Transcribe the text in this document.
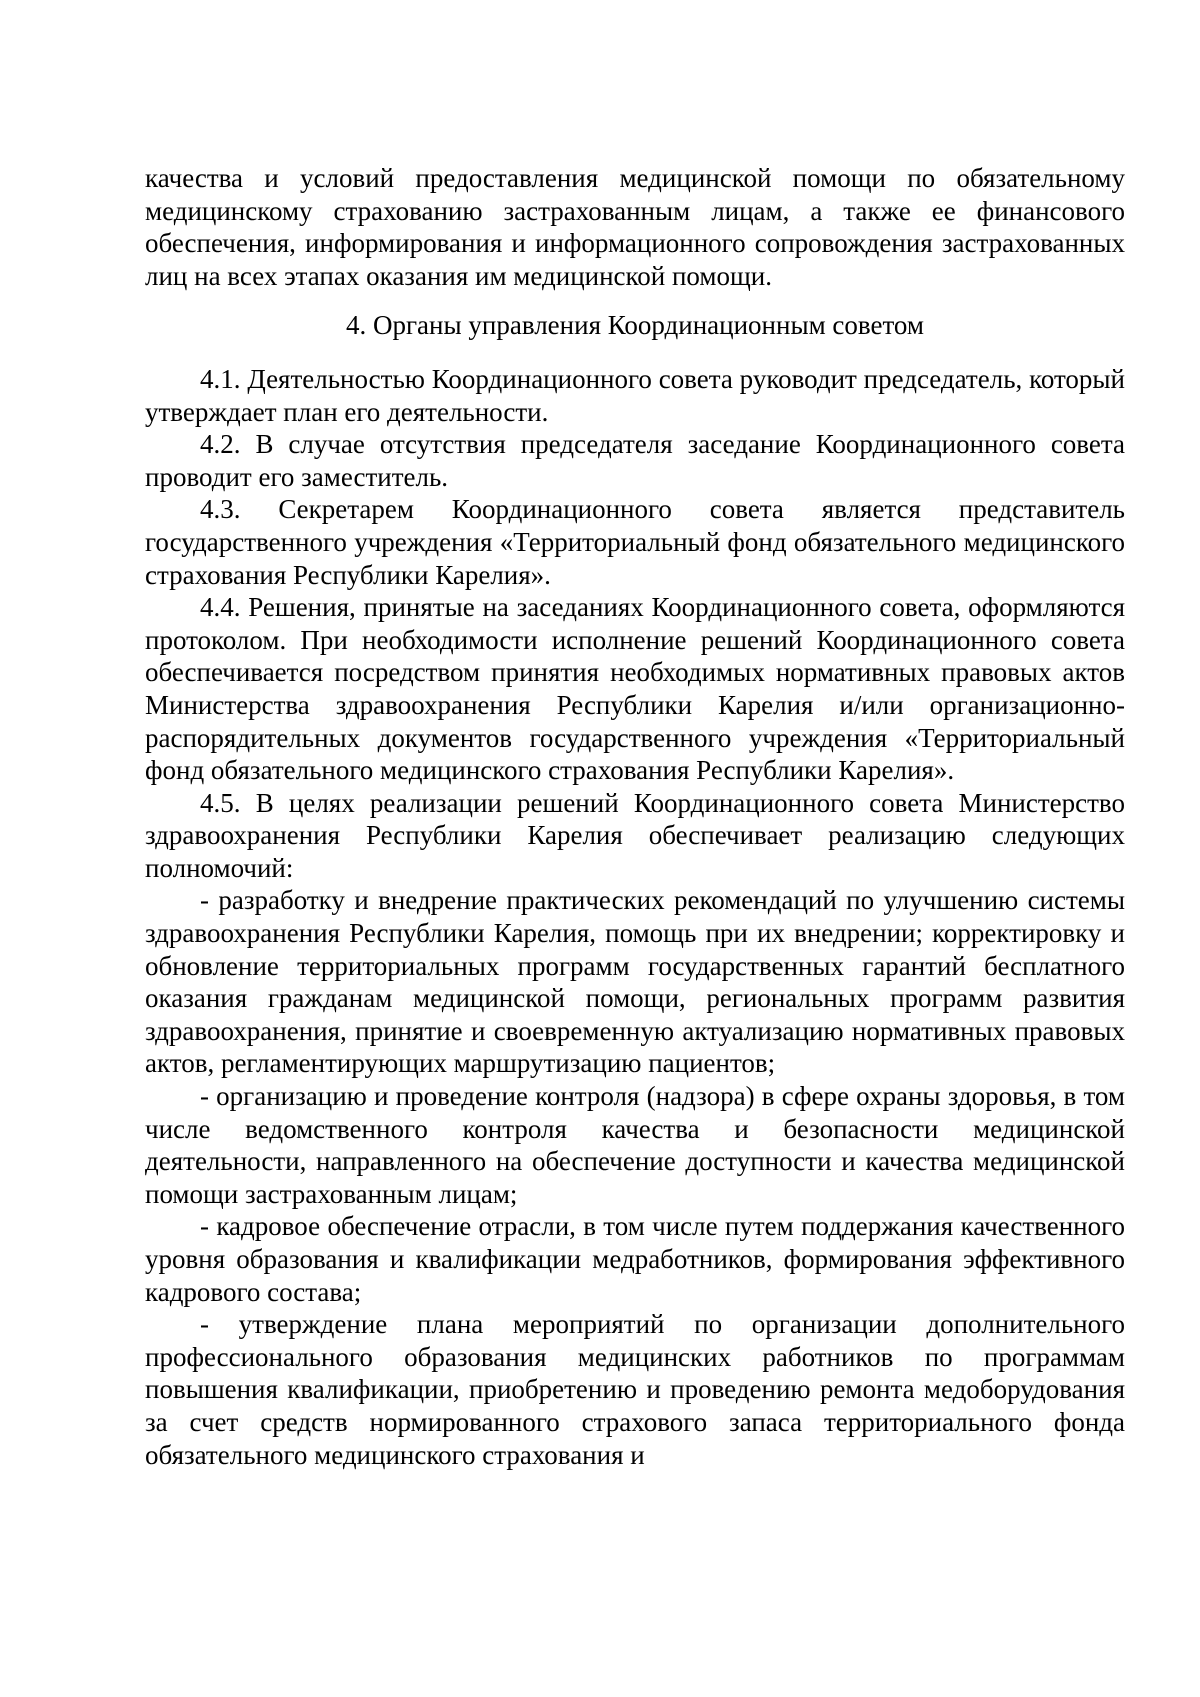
качества и условий предоставления медицинской помощи по обязательному медицинскому страхованию застрахованным лицам, а также ее финансового обеспечения, информирования и информационного сопровождения застрахованных лиц на всех этапах оказания им медицинской помощи.

4. Органы управления Координационным советом

4.1. Деятельностью Координационного совета руководит председатель, который утверждает план его деятельности.

4.2. В случае отсутствия председателя заседание Координационного совета проводит его заместитель.

4.3. Секретарем Координационного совета является представитель государственного учреждения «Территориальный фонд обязательного медицинского страхования Республики Карелия».

4.4. Решения, принятые на заседаниях Координационного совета, оформляются протоколом. При необходимости исполнение решений Координационного совета обеспечивается посредством принятия необходимых нормативных правовых актов Министерства здравоохранения Республики Карелия и/или организационно-распорядительных документов государственного учреждения «Территориальный фонд обязательного медицинского страхования Республики Карелия».

4.5. В целях реализации решений Координационного совета Министерство здравоохранения Республики Карелия обеспечивает реализацию следующих полномочий:

- разработку и внедрение практических рекомендаций по улучшению системы здравоохранения Республики Карелия, помощь при их внедрении; корректировку и обновление территориальных программ государственных гарантий бесплатного оказания гражданам медицинской помощи, региональных программ развития здравоохранения, принятие и своевременную актуализацию нормативных правовых актов, регламентирующих маршрутизацию пациентов;

- организацию и проведение контроля (надзора) в сфере охраны здоровья, в том числе ведомственного контроля качества и безопасности медицинской деятельности, направленного на обеспечение доступности и качества медицинской помощи застрахованным лицам;

- кадровое обеспечение отрасли, в том числе путем поддержания качественного уровня образования и квалификации медработников, формирования эффективного кадрового состава;

- утверждение плана мероприятий по организации дополнительного профессионального образования медицинских работников по программам повышения квалификации, приобретению и проведению ремонта медоборудования за счет средств нормированного страхового запаса территориального фонда обязательного медицинского страхования и
